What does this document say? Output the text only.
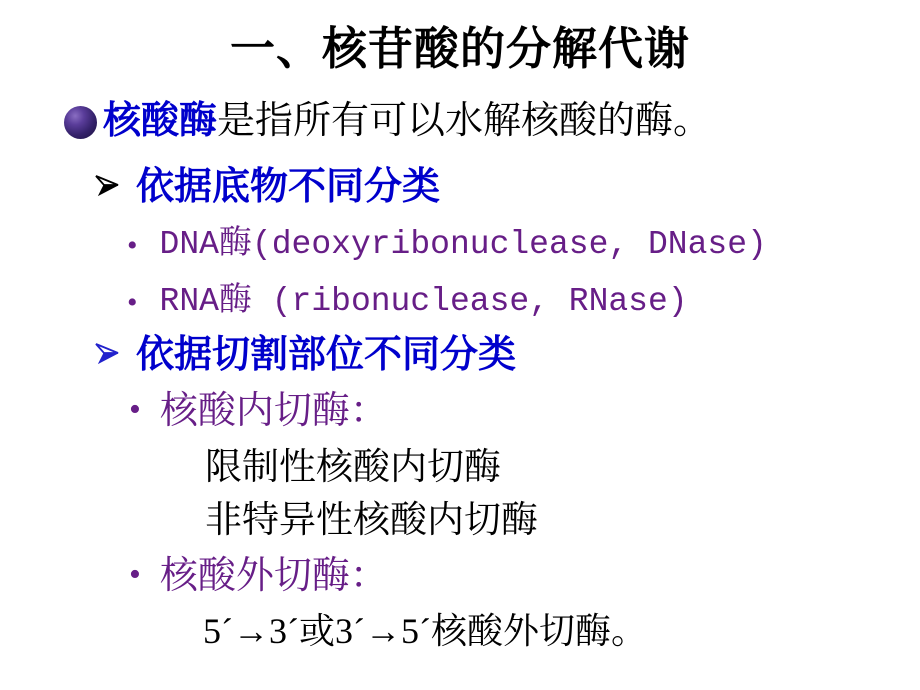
一、核苷酸的分解代谢
核酸酶 是指所有可以水解核酸的酶。
依据底物不同分类
• DNA酶(deoxyribonuclease, DNase)
• RNA酶 (ribonuclease, RNase)
依据切割部位不同分类
• 核酸内切酶：
限制性核酸内切酶
非特异性核酸内切酶
• 核酸外切酶：
5´→3´或3´→5´核酸外切酶。
